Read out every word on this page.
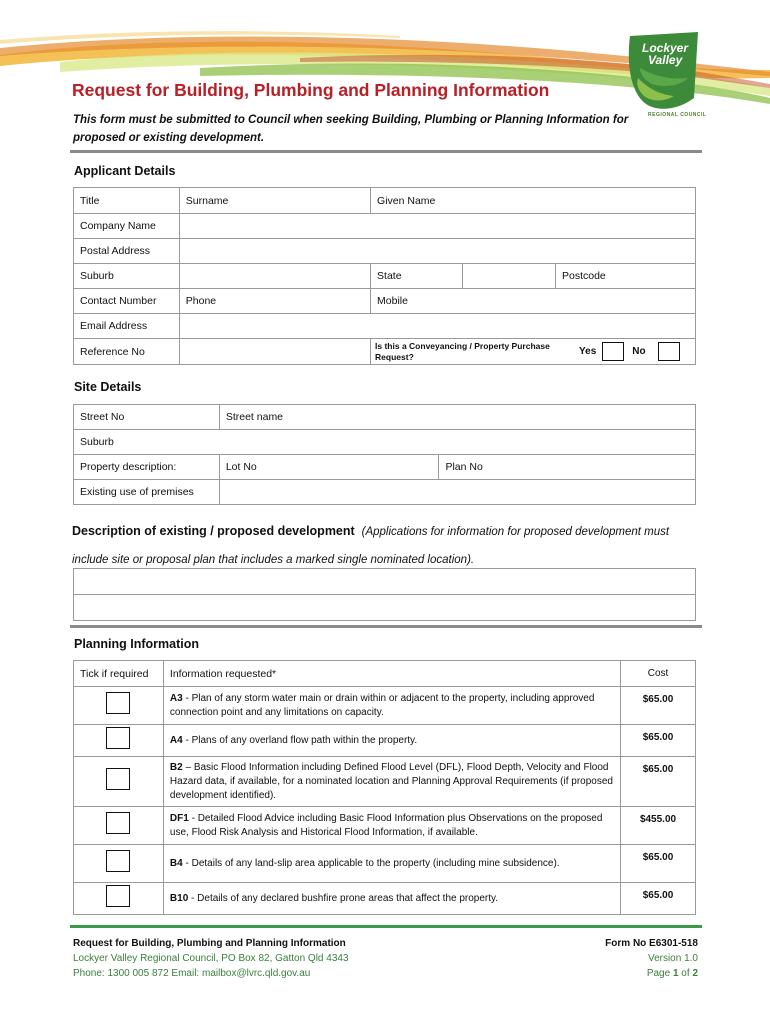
Lockyer
Valley
REGIONAL COUNCIL
Request for Building, Plumbing and Planning Information
This form must be submitted to Council when seeking Building, Plumbing or Planning Information for proposed or existing development.
Applicant Details
Title	Surname	Given Name		
Company Name				
Postal Address				
Suburb		State		Postcode
Contact Number	Phone	Mobile		
Email Address				
Reference No		Is this a Conveyancing / Property Purchase Request? Yes No		
Site Details
Street No	Street name	
Suburb		
Property description:	Lot No	Plan No
Existing use of premises		
Description of existing / proposed development (Applications for information for proposed development must include site or proposal plan that includes a marked single nominated location).

Planning Information
Tick if required	Information requested*	Cost
	A3 - Plan of any storm water main or drain within or adjacent to the property, including approved connection point and any limitations on capacity.	$65.00
	A4 - Plans of any overland flow path within the property.	$65.00
	B2 – Basic Flood Information including Defined Flood Level (DFL), Flood Depth, Velocity and Flood Hazard data, if available, for a nominated location and Planning Approval Requirements (if proposed development identified).	$65.00
	DF1 - Detailed Flood Advice including Basic Flood Information plus Observations on the proposed use, Flood Risk Analysis and Historical Flood Information, if available.	$455.00
	B4 - Details of any land-slip area applicable to the property (including mine subsidence).	$65.00
	B10 - Details of any declared bushfire prone areas that affect the property.	$65.00
Request for Building, Plumbing and Planning Information
Lockyer Valley Regional Council, PO Box 82, Gatton Qld 4343
Phone: 1300 005 872 Email: mailbox@lvrc.qld.gov.au
Form No E6301-518
Version 1.0
Page 1 of 2
